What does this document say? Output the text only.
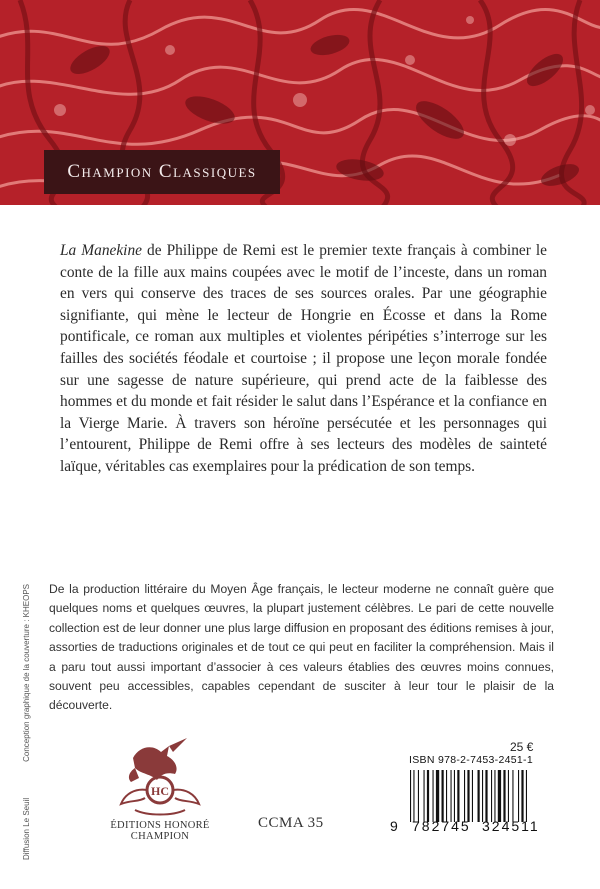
Champion Classiques

La Manekine de Philippe de Remi est le premier texte français à combiner le conte de la fille aux mains coupées avec le motif de l’inceste, dans un roman en vers qui conserve des traces de ses sources orales. Par une géographie signifiante, qui mène le lecteur de Hongrie en Écosse et dans la Rome pontificale, ce roman aux multiples et violentes péripéties s’interroge sur les failles des sociétés féodale et courtoise ; il propose une leçon morale fondée sur une sagesse de nature supérieure, qui prend acte de la faiblesse des hommes et du monde et fait résider le salut dans l’Espérance et la confiance en la Vierge Marie. À travers son héroïne persécutée et les personnages qui l’entourent, Philippe de Remi offre à ses lecteurs des modèles de sainteté laïque, véritables cas exemplaires pour la prédication de son temps.

De la production littéraire du Moyen Âge français, le lecteur moderne ne connaît guère que quelques noms et quelques œuvres, la plupart justement célèbres. Le pari de cette nouvelle collection est de leur donner une plus large diffusion en proposant des éditions remises à jour, assorties de traductions originales et de tout ce qui peut en faciliter la compréhension. Mais il a paru tout aussi important d’associer à ces valeurs établies des œuvres moins connues, souvent peu accessibles, capables cependant de susciter à leur tour le plaisir de la découverte.

Diffusion Le SeuilConception graphique de la couverture : KHEOPS
HC
ÉDITIONS HONORÉ CHAMPION
CCMA 35
25 €
ISBN 978-2-7453-2451-1
9 782745 324511
